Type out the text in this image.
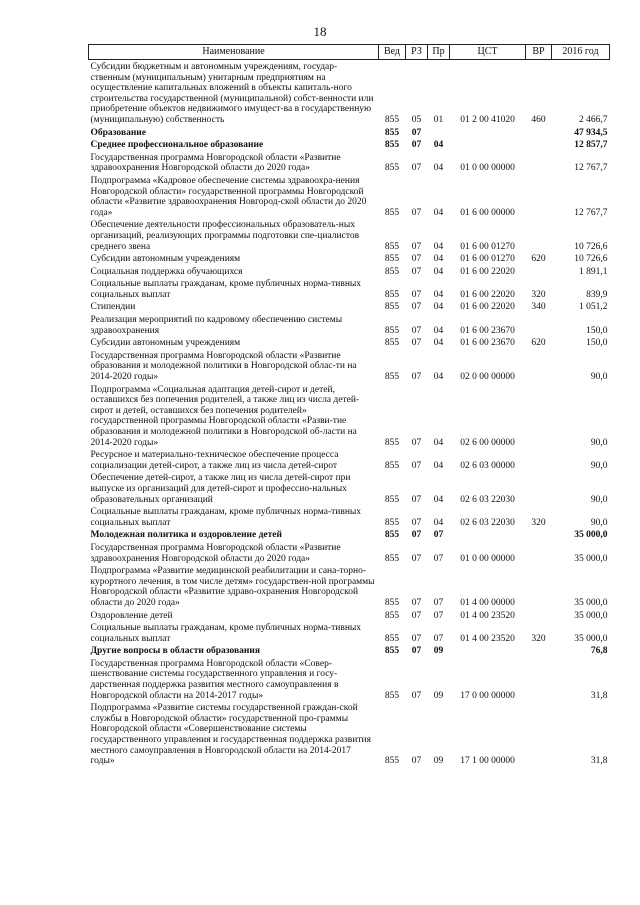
18
Наименование	Вед	РЗ	Пр	ЦСТ	ВР	2016 год
Субсидии бюджетным и автономным учреждениям, государ-ственным (муниципальным) унитарным предприятиям на осуществление капитальных вложений в объекты капиталь-ного строительства государственной (муниципальной) собст-венности или приобретение объектов недвижимого имущест-ва в государственную (муниципальную) собственность	855	05	01	01 2 00 41020	460	2 466,7
Образование	855	07				47 934,5
Среднее профессиональное образование	855	07	04			12 857,7
Государственная программа Новгородской области «Развитие здравоохранения Новгородской области до 2020 года»	855	07	04	01 0 00 00000		12 767,7
Подпрограмма «Кадровое обеспечение системы здравоохра-нения Новгородской области» государственной программы Новгородской области «Развитие здравоохранения Новгород-ской области до 2020 года»	855	07	04	01 6 00 00000		12 767,7
Обеспечение деятельности профессиональных образователь-ных организаций, реализующих программы подготовки спе-циалистов среднего звена	855	07	04	01 6 00 01270		10 726,6
Субсидии автономным учреждениям	855	07	04	01 6 00 01270	620	10 726,6
Социальная поддержка обучающихся	855	07	04	01 6 00 22020		1 891,1
Социальные выплаты гражданам, кроме публичных норма-тивных социальных выплат	855	07	04	01 6 00 22020	320	839,9
Стипендии	855	07	04	01 6 00 22020	340	1 051,2
Реализация мероприятий по кадровому обеспечению системы здравоохранения	855	07	04	01 6 00 23670		150,0
Субсидии автономным учреждениям	855	07	04	01 6 00 23670	620	150,0
Государственная программа Новгородской области «Развитие образования и молодежной политики в Новгородской облас-ти на 2014-2020 годы»	855	07	04	02 0 00 00000		90,0
Подпрограмма «Социальная адаптация детей-сирот и детей, оставшихся без попечения родителей, а также лиц из числа детей-сирот и детей, оставшихся без попечения родителей» государственной программы Новгородской области «Разви-тие образования и молодежной политики в Новгородской об-ласти на 2014-2020 годы»	855	07	04	02 6 00 00000		90,0
Ресурсное и материально-техническое обеспечение процесса социализации детей-сирот, а также лиц из числа детей-сирот	855	07	04	02 6 03 00000		90,0
Обеспечение детей-сирот, а также лиц из числа детей-сирот при выпуске из организаций для детей-сирот и профессио-нальных образовательных организаций	855	07	04	02 6 03 22030		90,0
Социальные выплаты гражданам, кроме публичных норма-тивных социальных выплат	855	07	04	02 6 03 22030	320	90,0
Молодежная политика и оздоровление детей	855	07	07			35 000,0
Государственная программа Новгородской области «Развитие здравоохранения Новгородской области до 2020 года»	855	07	07	01 0 00 00000		35 000,0
Подпрограмма «Развитие медицинской реабилитации и сана-торно-курортного лечения, в том числе детям» государствен-ной программы Новгородской области «Развитие здраво-охранения Новгородской области до 2020 года»	855	07	07	01 4 00 00000		35 000,0
Оздоровление детей	855	07	07	01 4 00 23520		35 000,0
Социальные выплаты гражданам, кроме публичных норма-тивных социальных выплат	855	07	07	01 4 00 23520	320	35 000,0
Другие вопросы в области образования	855	07	09			76,8
Государственная программа Новгородской области «Совер-шенствование системы государственного управления и госу-дарственная поддержка развития местного самоуправления в Новгородской области на 2014-2017 годы»	855	07	09	17 0 00 00000		31,8
Подпрограмма «Развитие системы государственной граждан-ской службы в Новгородской области» государственной про-граммы Новгородской области «Совершенствование системы государственного управления и государственная поддержка развития местного самоуправления в Новгородской области на 2014-2017 годы»	855	07	09	17 1 00 00000		31,8
